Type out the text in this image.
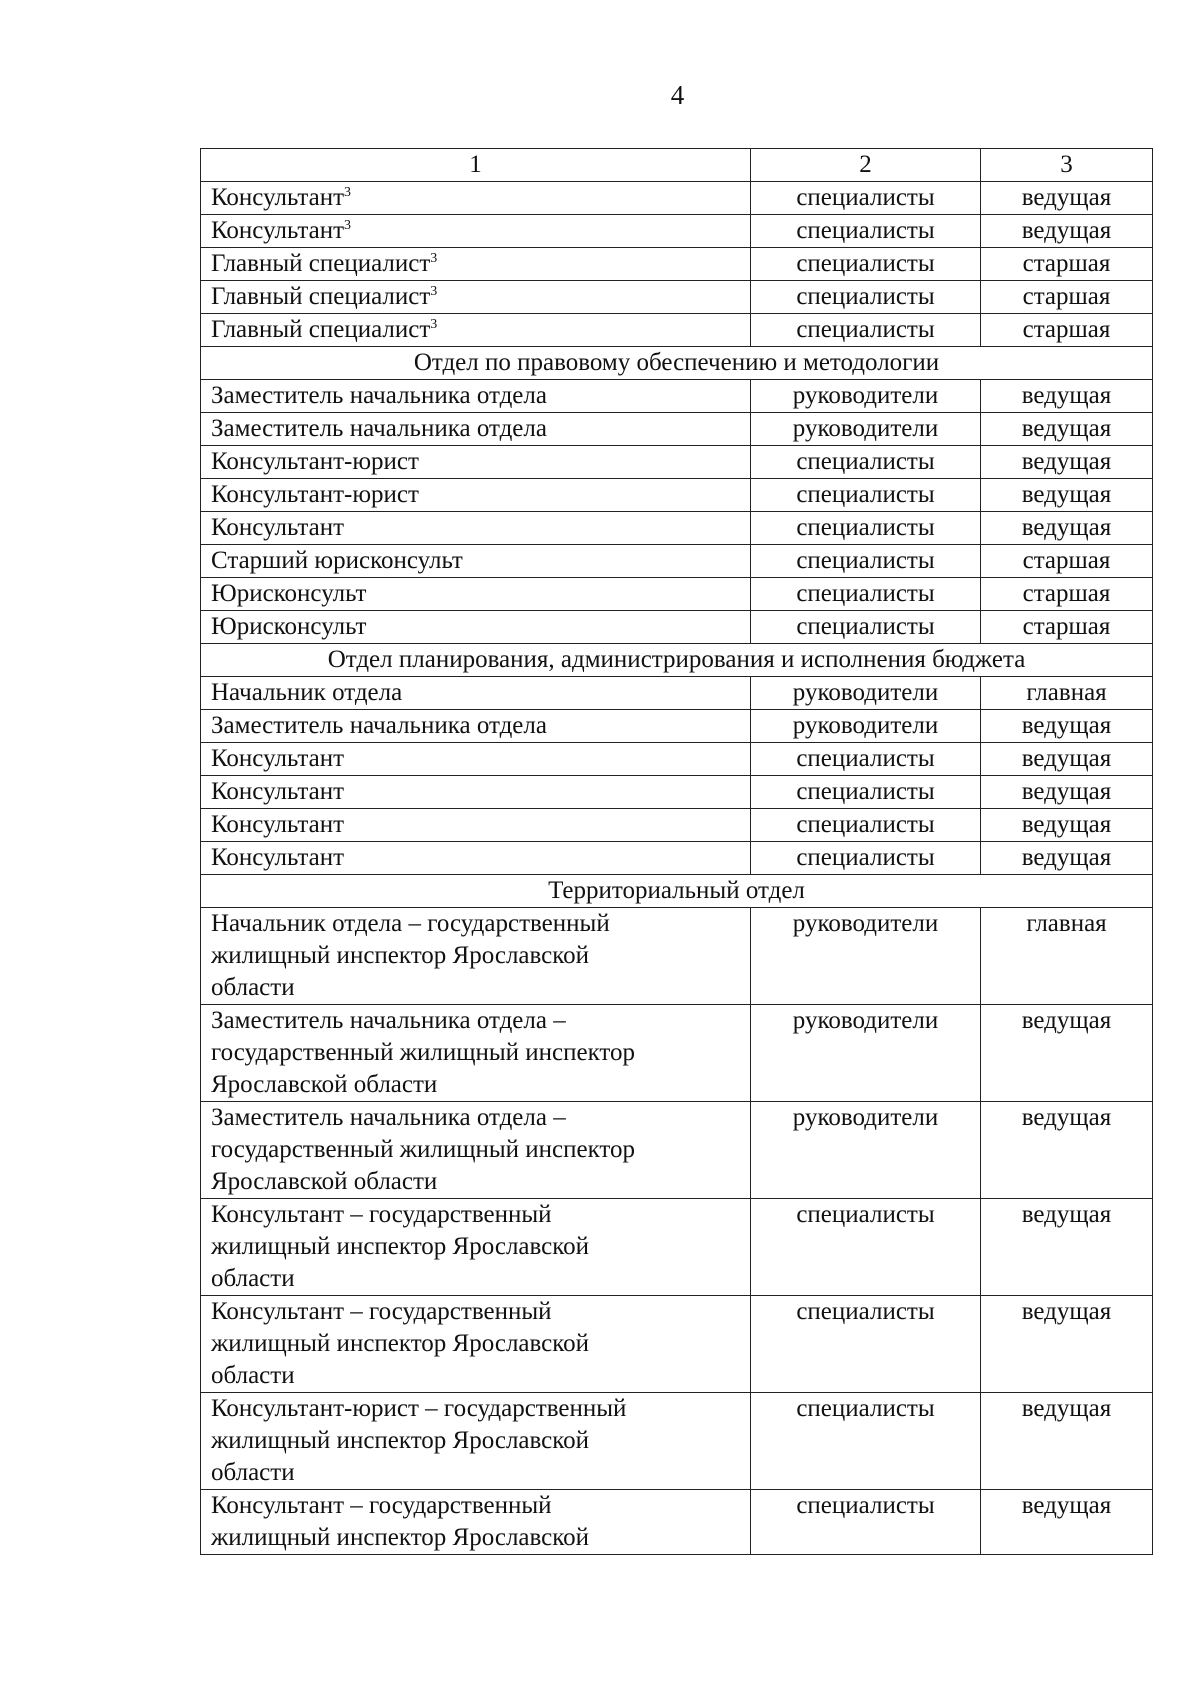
4
1	2	3
Консультант$^3$	специалисты	ведущая
Консультант$^3$	специалисты	ведущая
Главный специалист$^3$	специалисты	старшая
Главный специалист$^3$	специалисты	старшая
Главный специалист$^3$	специалисты	старшая
Отдел по правовому обеспечению и методологии		
Заместитель начальника отдела	руководители	ведущая
Заместитель начальника отдела	руководители	ведущая
Консультант-юрист	специалисты	ведущая
Консультант-юрист	специалисты	ведущая
Консультант	специалисты	ведущая
Старший юрисконсульт	специалисты	старшая
Юрисконсульт	специалисты	старшая
Юрисконсульт	специалисты	старшая
Отдел планирования, администрирования и исполнения бюджета		
Начальник отдела	руководители	главная
Заместитель начальника отдела	руководители	ведущая
Консультант	специалисты	ведущая
Консультант	специалисты	ведущая
Консультант	специалисты	ведущая
Консультант	специалисты	ведущая
Территориальный отдел		

Начальник отдела – государственный
жилищный инспектор Ярославской
области	руководители	главная

Заместитель начальника отдела –
государственный жилищный инспектор
Ярославской области	руководители	ведущая

Заместитель начальника отдела –
государственный жилищный инспектор
Ярославской области	руководители	ведущая

Консультант – государственный
жилищный инспектор Ярославской
области	специалисты	ведущая

Консультант – государственный
жилищный инспектор Ярославской
области	специалисты	ведущая

Консультант-юрист – государственный
жилищный инспектор Ярославской
области	специалисты	ведущая

Консультант – государственный
жилищный инспектор Ярославской	специалисты	ведущая
